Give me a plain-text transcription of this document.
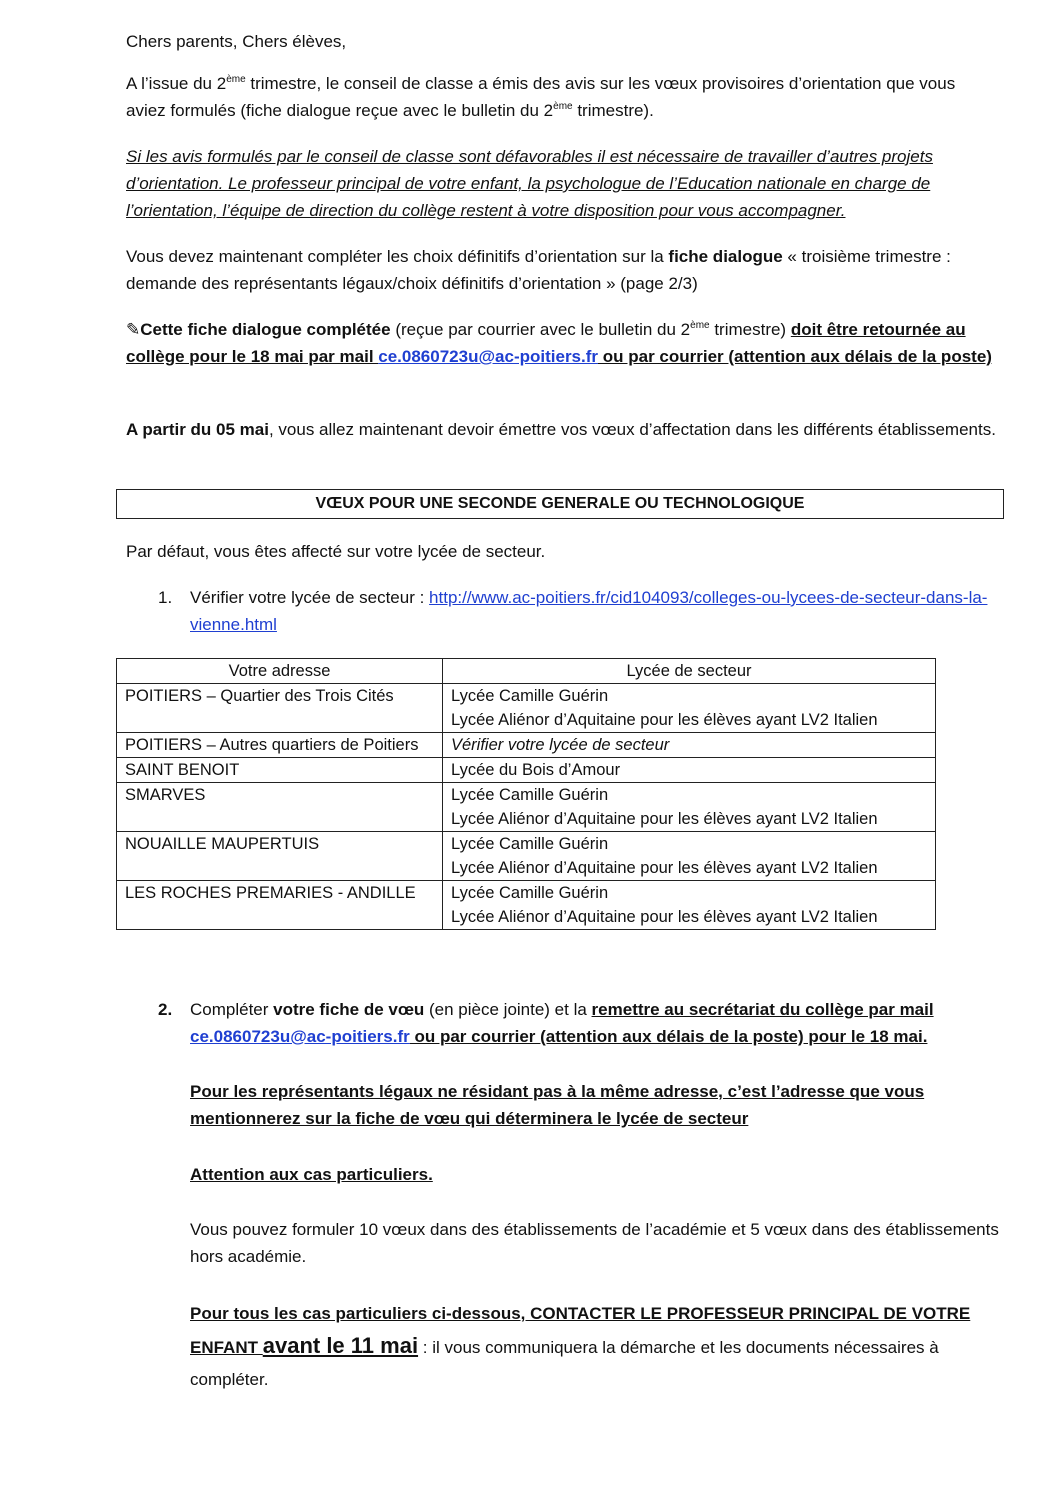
Chers parents, Chers élèves,

A l’issue du 2ème trimestre, le conseil de classe a émis des avis sur les vœux provisoires d’orientation que vous aviez formulés (fiche dialogue reçue avec le bulletin du 2ème trimestre).

Si les avis formulés par le conseil de classe sont défavorables il est nécessaire de travailler d’autres projets d’orientation. Le professeur principal de votre enfant, la psychologue de l’Education nationale en charge de l’orientation, l’équipe de direction du collège restent à votre disposition pour vous accompagner.

Vous devez maintenant compléter les choix définitifs d’orientation sur la fiche dialogue « troisième trimestre : demande des représentants légaux/choix définitifs d’orientation » (page 2/3)

✎Cette fiche dialogue complétée (reçue par courrier avec le bulletin du 2ème trimestre) doit être retournée au collège pour le 18 mai par mail ce.0860723u@ac-poitiers.fr ou par courrier (attention aux délais de la poste)

A partir du 05 mai, vous allez maintenant devoir émettre vos vœux d’affectation dans les différents établissements.

VŒUX POUR UNE SECONDE GENERALE OU TECHNOLOGIQUE

Par défaut, vous êtes affecté sur votre lycée de secteur.

1.	Vérifier votre lycée de secteur : http://www.ac-poitiers.fr/cid104093/colleges-ou-lycees-de-secteur-dans-la-vienne.html
Votre adresse	Lycée de secteur
POITIERS – Quartier des Trois Cités	Lycée Camille Guérin
Lycée Aliénor d’Aquitaine pour les élèves ayant LV2 Italien

POITIERS – Autres quartiers de Poitiers	Vérifier votre lycée de secteur

SAINT BENOIT	Lycée du Bois d’Amour

SMARVES	Lycée Camille Guérin
Lycée Aliénor d’Aquitaine pour les élèves ayant LV2 Italien

NOUAILLE MAUPERTUIS	Lycée Camille Guérin
Lycée Aliénor d’Aquitaine pour les élèves ayant LV2 Italien

LES ROCHES PREMARIES - ANDILLE	Lycée Camille Guérin
Lycée Aliénor d’Aquitaine pour les élèves ayant LV2 Italien
2.	Compléter votre fiche de vœu (en pièce jointe) et la remettre au secrétariat du collège par mail ce.0860723u@ac-poitiers.fr ou par courrier (attention aux délais de la poste) pour le 18 mai.
Pour les représentants légaux ne résidant pas à la même adresse, c’est l’adresse que vous mentionnerez sur la fiche de vœu qui déterminera le lycée de secteur
Attention aux cas particuliers.
Vous pouvez formuler 10 vœux dans des établissements de l’académie et 5 vœux dans des établissements hors académie.
Pour tous les cas particuliers ci-dessous, CONTACTER LE PROFESSEUR PRINCIPAL DE VOTRE ENFANT avant le 11 mai : il vous communiquera la démarche et les documents nécessaires à compléter.
